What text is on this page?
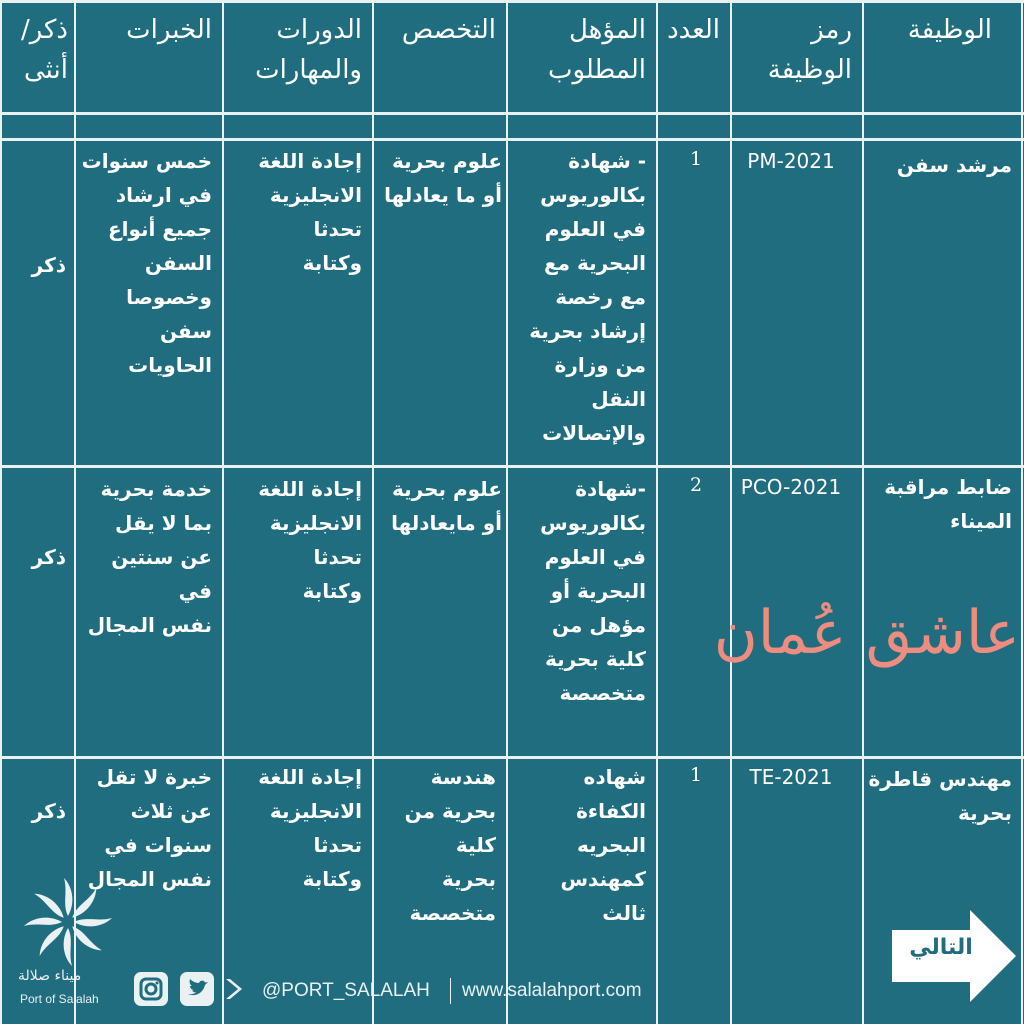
الوظيفة
رمز
الوظيفة
العدد
المؤهل
المطلوب
التخصص
الدورات
والمهارات
الخبرات
ذكر/
أنثى
مرشد سفن
PM-2021
1
- شهادة
بكالوريوس
في العلوم
البحرية مع
مع رخصة
إرشاد بحرية
من وزارة النقل
والإتصالات
علوم بحرية
أو ما يعادلها
إجادة اللغة
الانجليزية
تحدثا
وكتابة
خمس سنوات
في ارشاد
جميع أنواع
السفن
وخصوصا
سفن الحاويات
ذكر
ضابط مراقبة
الميناء
PCO-2021
2
-شهادة
بكالوريوس
في العلوم
البحرية أو
مؤهل من
كلية بحرية
متخصصة
علوم بحرية
أو مايعادلها
إجادة اللغة
الانجليزية
تحدثا
وكتابة
خدمة بحرية
بما لا يقل
عن سنتين في
نفس المجال
ذكر
عاشق عُمان
مهندس قاطرة
بحرية
TE-2021
1
شهاده
الكفاءة
البحريه
كمهندس
ثالث
هندسة
بحرية من
كلية
بحرية
متخصصة
إجادة اللغة
الانجليزية
تحدثا
وكتابة
خبرة لا تقل
عن ثلاث
سنوات في
نفس المجال
ذكر
ميناء صلالة
Port of Salalah	@PORT_SALALAH www.salalahport.com
التالي
